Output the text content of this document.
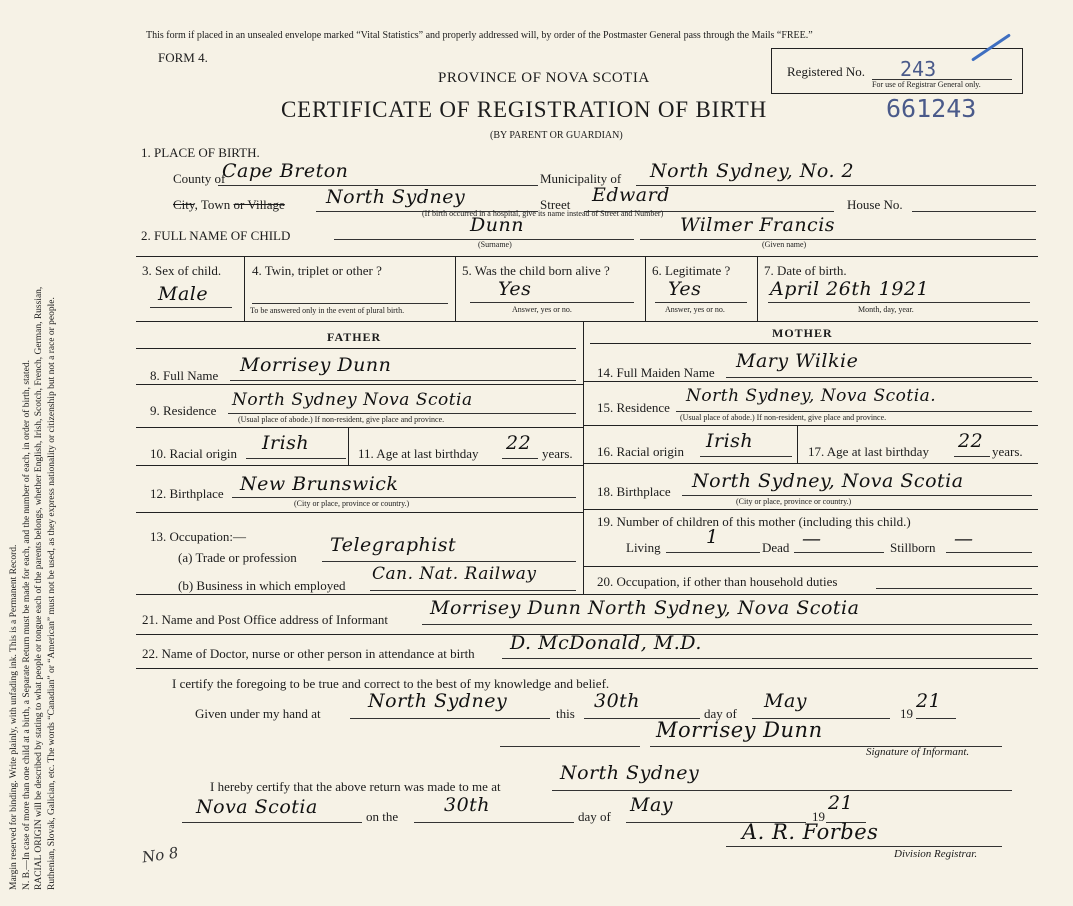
Margin reserved for binding. Write plainly, with unfading ink. This is a Permanent Record. N. B.—In case of more than one child at a birth, a Separate Return must be made for each, and the number of each, in order of birth, stated. RACIAL ORIGIN will be described by stating to what people or tongue each of the parents belongs, whether English, Irish, Scotch, French, German, Russian, Ruthenian, Slovak, Galician, etc. The words “Canadian” or “American” must not be used, as they express nationality or citizenship but not a race or people.
This form if placed in an unsealed envelope marked “Vital Statistics” and properly addressed will, by order of the Postmaster General pass through the Mails “FREE.”
FORM 4.
PROVINCE OF NOVA SCOTIA
CERTIFICATE OF REGISTRATION OF BIRTH
(BY PARENT OR GUARDIAN)
Registered No. 243
For use of Registrar General only.
661243
1. PLACE OF BIRTH.
County of
Cape Breton	Municipality of North Sydney, No. 2
City, Town or Village North Sydney	Street Edward	House No.
(If birth occurred in a hospital, give its name instead of Street and Number)
2. FULL NAME OF CHILD	Dunn
(Surname)
Wilmer Francis
(Given name)
3. Sex of child.
Male
4. Twin, triplet or other ?
To be answered only in the event of plural birth.
5. Was the child born alive ?
Yes
Answer, yes or no.
6. Legitimate ?
Yes
Answer, yes or no.
7. Date of birth.
April 26th 1921
Month, day, year.
FATHER	MOTHER
8. Full Name Morrisey Dunn
9. Residence
North Sydney Nova Scotia
(Usual place of abode.) If non-resident, give place and province.
10. Racial origin Irish	11. Age at last birthday 22 years.
12. Birthplace New Brunswick
(City or place, province or country.)
13. Occupation:—
(a) Trade or profession
Telegraphist
(b) Business in which employed
Can. Nat. Railway
14. Full Maiden Name
Mary Wilkie
15. Residence
North Sydney, Nova Scotia.
(Usual place of abode.) If non-resident, give place and province.
16. Racial origin Irish	17. Age at last birthday 22 years.
18. Birthplace North Sydney, Nova Scotia
(City or place, province or country.)
19. Number of children of this mother (including this child.)
Living 1	Dead —	Stillborn —
20. Occupation, if other than household duties
21. Name and Post Office address of Informant
Morrisey Dunn North Sydney, Nova Scotia
22. Name of Doctor, nurse or other person in attendance at birth D. McDonald, M.D.
I certify the foregoing to be true and correct to the best of my knowledge and belief.
Given under my hand at
North Sydney
this
30th
day of
May
19
21
Morrisey Dunn
Signature of Informant.
I hereby certify that the above return was made to me at
North Sydney
Nova Scotia	on the
30th
day of
May
19
21
A. R. Forbes
Division Registrar.
No 8
